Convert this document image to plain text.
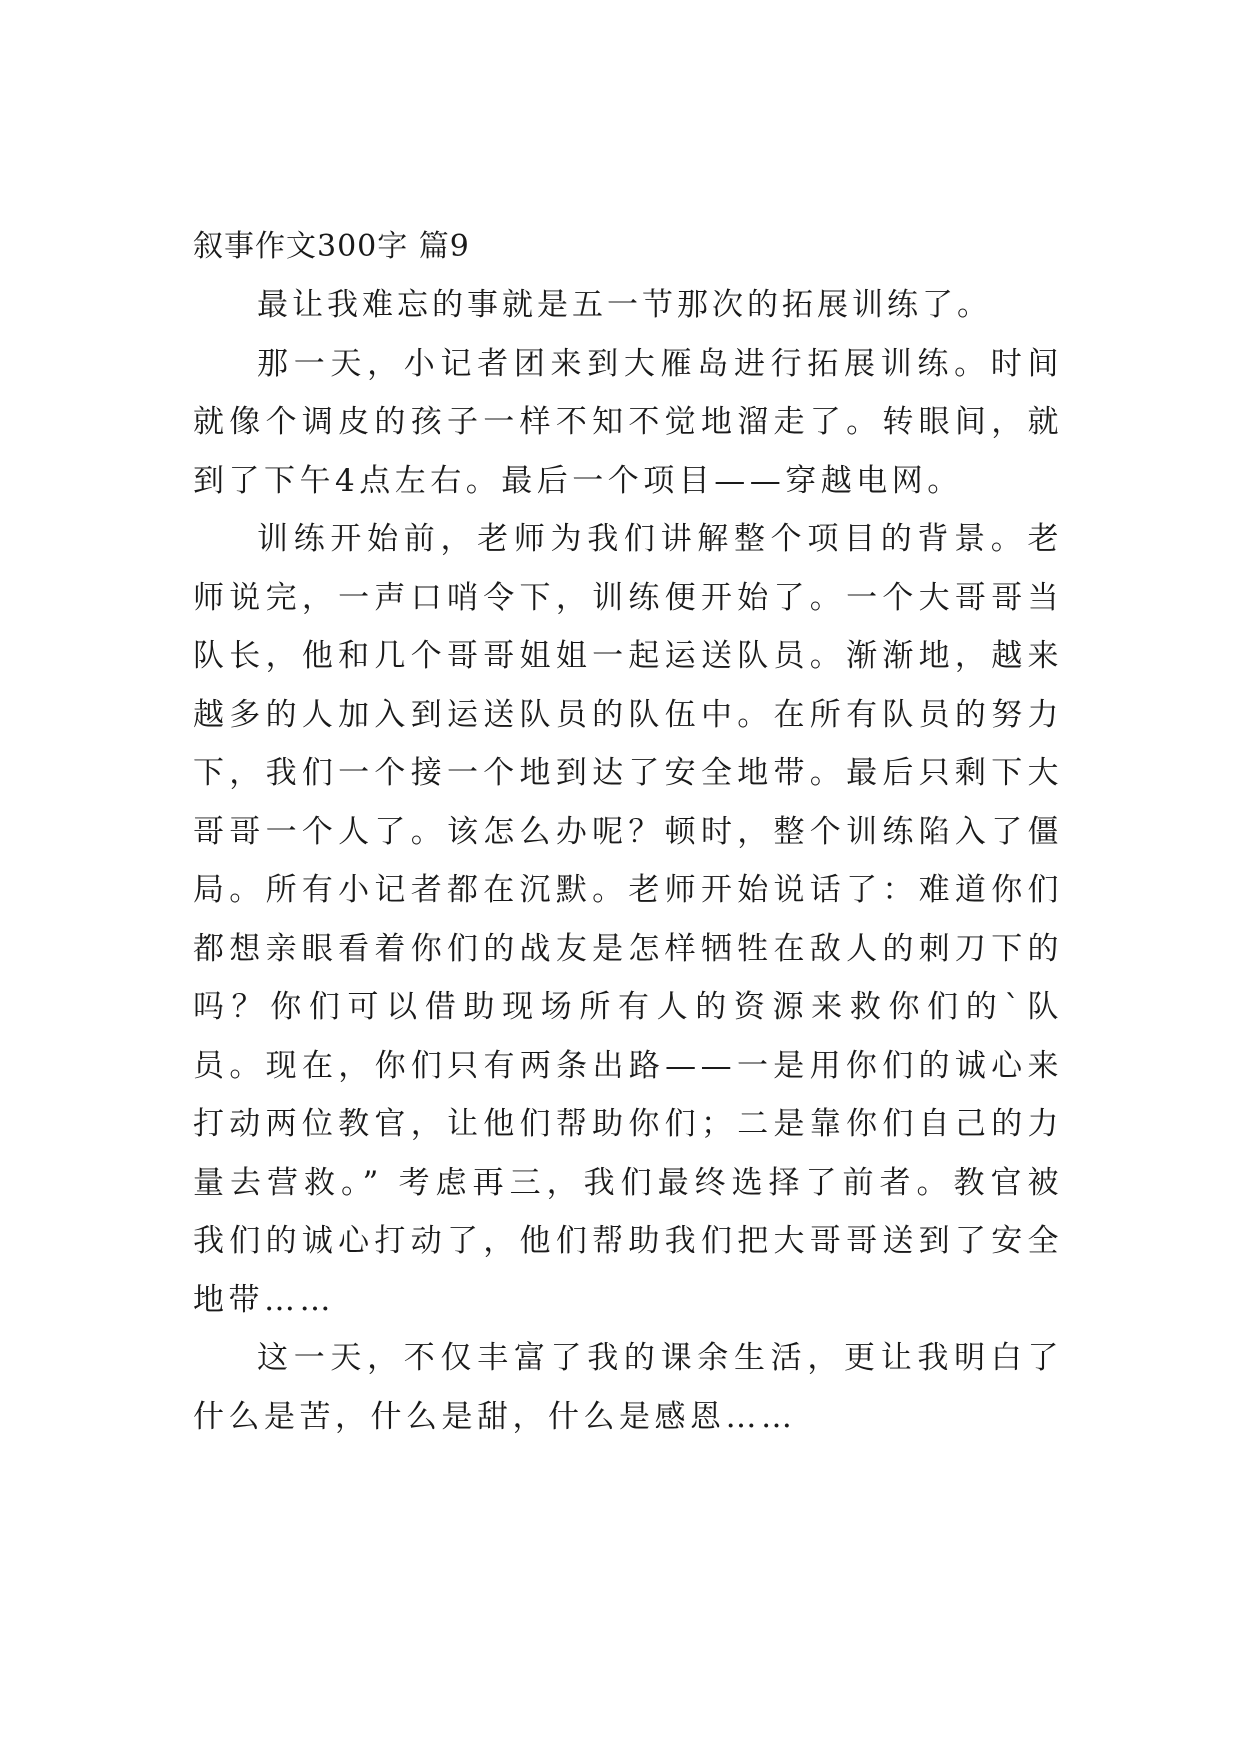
叙事作文300字 篇9

最让我难忘的事就是五一节那次的拓展训练了。

那一天，小记者团来到大雁岛进行拓展训练。时间就像个调皮的孩子一样不知不觉地溜走了。转眼间，就到了下午4点左右。最后一个项目——穿越电网。

训练开始前，老师为我们讲解整个项目的背景。老师说完，一声口哨令下，训练便开始了。一个大哥哥当队长，他和几个哥哥姐姐一起运送队员。渐渐地，越来越多的人加入到运送队员的队伍中。在所有队员的努力下，我们一个接一个地到达了安全地带。最后只剩下大哥哥一个人了。该怎么办呢？顿时，整个训练陷入了僵局。所有小记者都在沉默。老师开始说话了：难道你们都想亲眼看着你们的战友是怎样牺牲在敌人的刺刀下的吗？你们可以借助现场所有人的资源来救你们的`队员。现在，你们只有两条出路——一是用你们的诚心来打动两位教官，让他们帮助你们；二是靠你们自己的力量去营救。” 考虑再三，我们最终选择了前者。教官被我们的诚心打动了，他们帮助我们把大哥哥送到了安全地带……

这一天，不仅丰富了我的课余生活，更让我明白了什么是苦，什么是甜，什么是感恩……
